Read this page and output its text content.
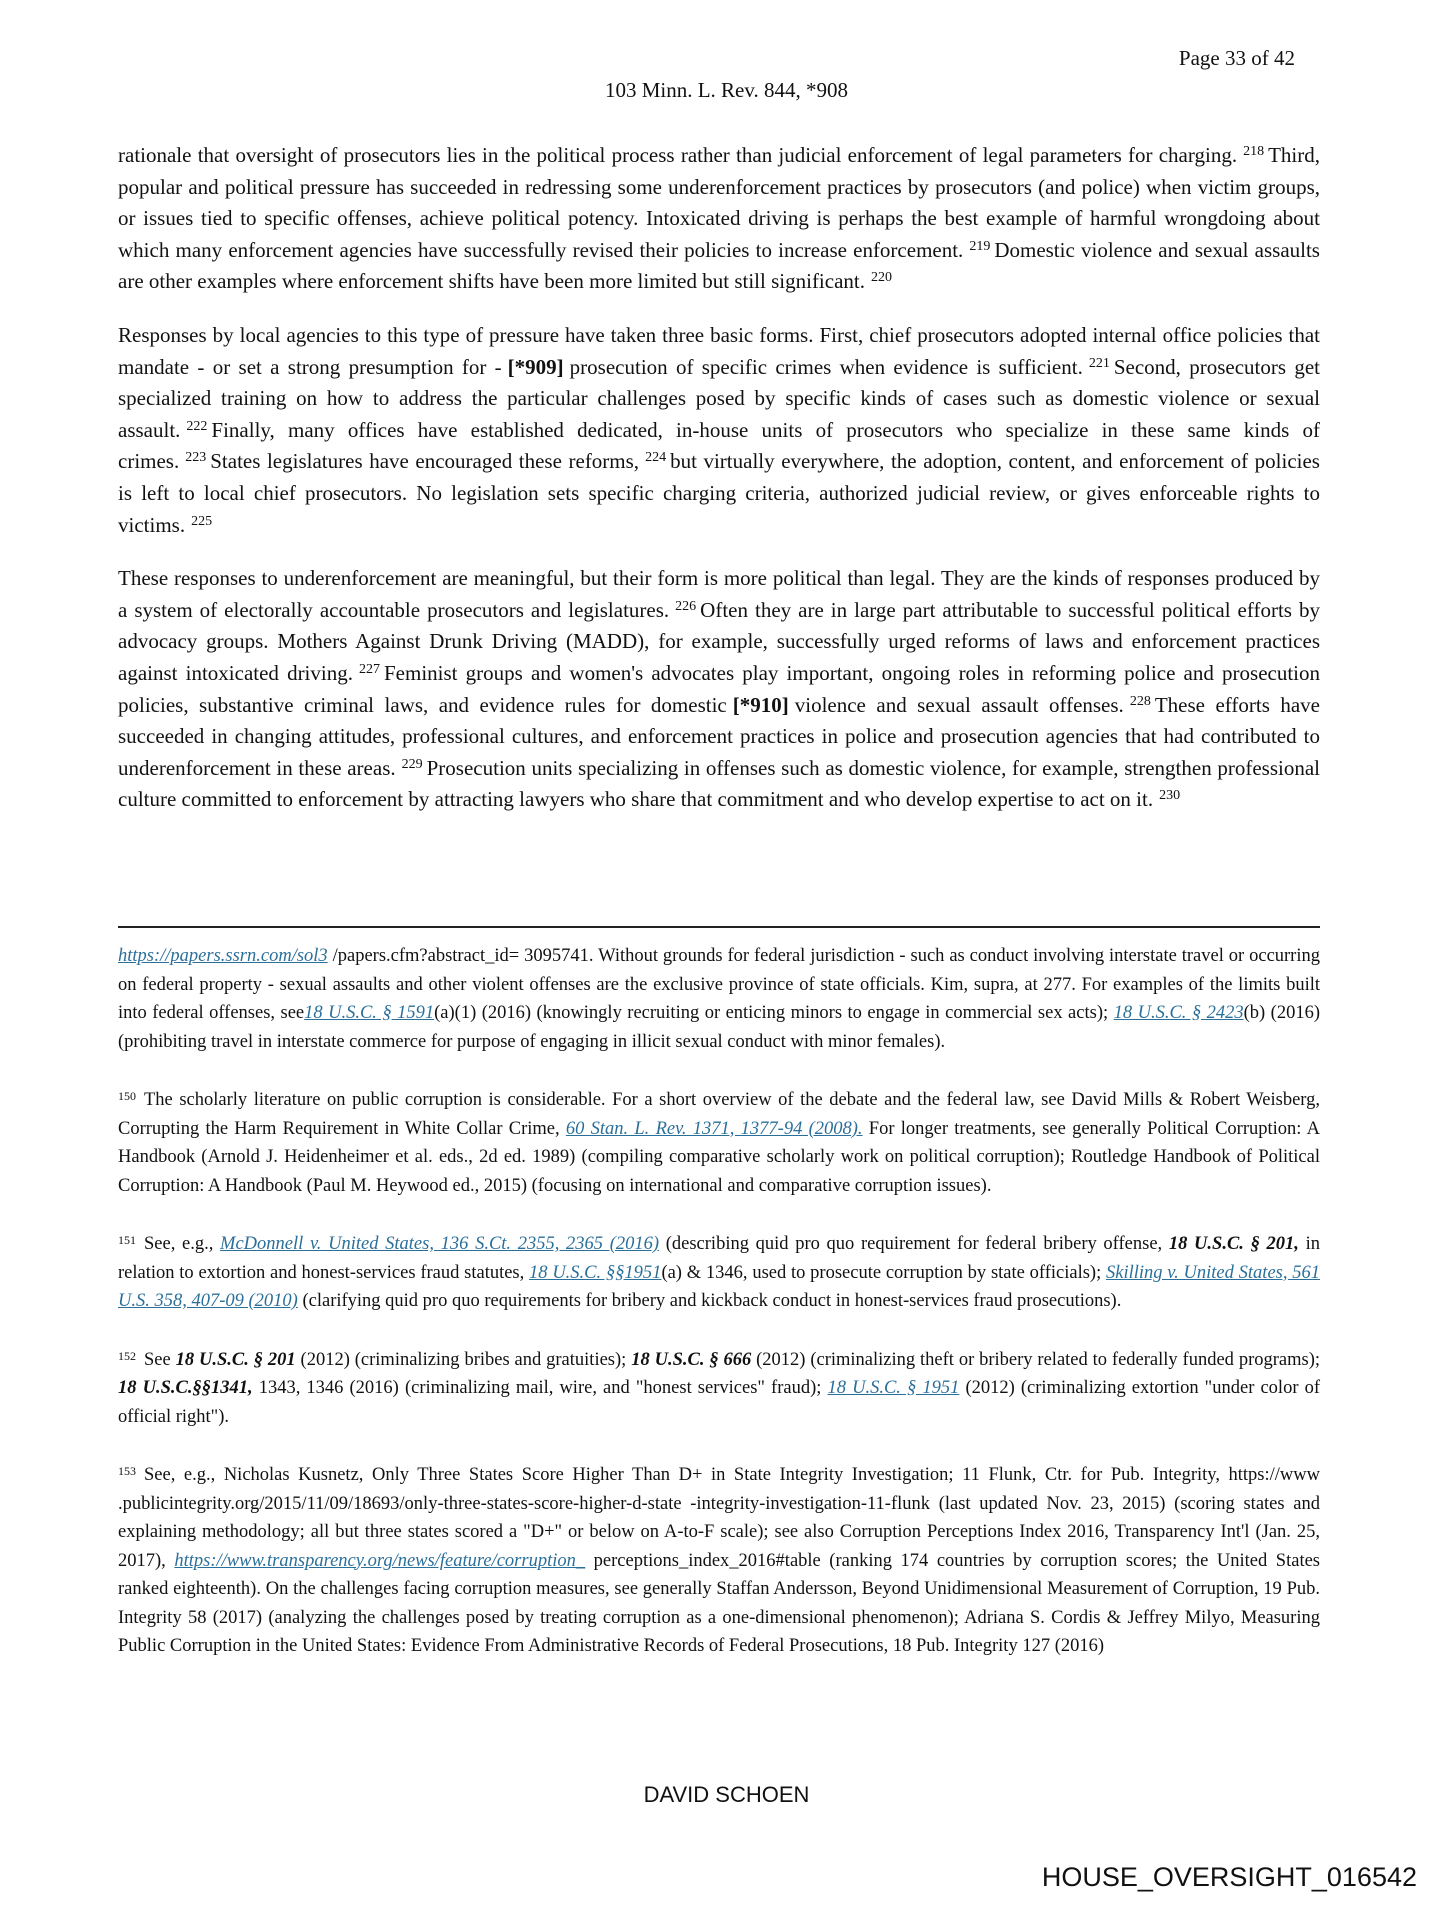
Page 33 of 42
103 Minn. L. Rev. 844, *908

rationale that oversight of prosecutors lies in the political process rather than judicial enforcement of legal parameters for charging. $^{218}$ Third, popular and political pressure has succeeded in redressing some underenforcement practices by prosecutors (and police) when victim groups, or issues tied to specific offenses, achieve political potency. Intoxicated driving is perhaps the best example of harmful wrongdoing about which many enforcement agencies have successfully revised their policies to increase enforcement. $^{219}$ Domestic violence and sexual assaults are other examples where enforcement shifts have been more limited but still significant. $^{220}$

Responses by local agencies to this type of pressure have taken three basic forms. First, chief prosecutors adopted internal office policies that mandate - or set a strong presumption for - [*909] prosecution of specific crimes when evidence is sufficient. $^{221}$ Second, prosecutors get specialized training on how to address the particular challenges posed by specific kinds of cases such as domestic violence or sexual assault. $^{222}$ Finally, many offices have established dedicated, in-house units of prosecutors who specialize in these same kinds of crimes. $^{223}$ States legislatures have encouraged these reforms, $^{224}$ but virtually everywhere, the adoption, content, and enforcement of policies is left to local chief prosecutors. No legislation sets specific charging criteria, authorized judicial review, or gives enforceable rights to victims. $^{225}$

These responses to underenforcement are meaningful, but their form is more political than legal. They are the kinds of responses produced by a system of electorally accountable prosecutors and legislatures. $^{226}$ Often they are in large part attributable to successful political efforts by advocacy groups. Mothers Against Drunk Driving (MADD), for example, successfully urged reforms of laws and enforcement practices against intoxicated driving. $^{227}$ Feminist groups and women's advocates play important, ongoing roles in reforming police and prosecution policies, substantive criminal laws, and evidence rules for domestic [*910] violence and sexual assault offenses. $^{228}$ These efforts have succeeded in changing attitudes, professional cultures, and enforcement practices in police and prosecution agencies that had contributed to underenforcement in these areas. $^{229}$ Prosecution units specializing in offenses such as domestic violence, for example, strengthen professional culture committed to enforcement by attracting lawyers who share that commitment and who develop expertise to act on it. $^{230}$

https://papers.ssrn.com/sol3 /papers.cfm?abstract_id= 3095741. Without grounds for federal jurisdiction - such as conduct involving interstate travel or occurring on federal property - sexual assaults and other violent offenses are the exclusive province of state officials. Kim, supra, at 277. For examples of the limits built into federal offenses, see18 U.S.C. § 1591(a)(1) (2016) (knowingly recruiting or enticing minors to engage in commercial sex acts); 18 U.S.C. § 2423(b) (2016) (prohibiting travel in interstate commerce for purpose of engaging in illicit sexual conduct with minor females).
$^{150}$ The scholarly literature on public corruption is considerable. For a short overview of the debate and the federal law, see David Mills & Robert Weisberg, Corrupting the Harm Requirement in White Collar Crime, 60 Stan. L. Rev. 1371, 1377-94 (2008). For longer treatments, see generally Political Corruption: A Handbook (Arnold J. Heidenheimer et al. eds., 2d ed. 1989) (compiling comparative scholarly work on political corruption); Routledge Handbook of Political Corruption: A Handbook (Paul M. Heywood ed., 2015) (focusing on international and comparative corruption issues).
$^{151}$ See, e.g., McDonnell v. United States, 136 S.Ct. 2355, 2365 (2016) (describing quid pro quo requirement for federal bribery offense, 18 U.S.C. § 201, in relation to extortion and honest-services fraud statutes, 18 U.S.C. §§1951(a) & 1346, used to prosecute corruption by state officials); Skilling v. United States, 561 U.S. 358, 407-09 (2010) (clarifying quid pro quo requirements for bribery and kickback conduct in honest-services fraud prosecutions).
$^{152}$ See 18 U.S.C. § 201 (2012) (criminalizing bribes and gratuities); 18 U.S.C. § 666 (2012) (criminalizing theft or bribery related to federally funded programs); 18 U.S.C.§§1341, 1343, 1346 (2016) (criminalizing mail, wire, and "honest services" fraud); 18 U.S.C. § 1951 (2012) (criminalizing extortion "under color of official right").
$^{153}$ See, e.g., Nicholas Kusnetz, Only Three States Score Higher Than D+ in State Integrity Investigation; 11 Flunk, Ctr. for Pub. Integrity, https://www .publicintegrity.org/2015/11/09/18693/only-three-states-score-higher-d-state -integrity-investigation-11-flunk (last updated Nov. 23, 2015) (scoring states and explaining methodology; all but three states scored a "D+" or below on A-to-F scale); see also Corruption Perceptions Index 2016, Transparency Int'l (Jan. 25, 2017), https://www.transparency.org/news/feature/corruption_ perceptions_index_2016#table (ranking 174 countries by corruption scores; the United States ranked eighteenth). On the challenges facing corruption measures, see generally Staffan Andersson, Beyond Unidimensional Measurement of Corruption, 19 Pub. Integrity 58 (2017) (analyzing the challenges posed by treating corruption as a one-dimensional phenomenon); Adriana S. Cordis & Jeffrey Milyo, Measuring Public Corruption in the United States: Evidence From Administrative Records of Federal Prosecutions, 18 Pub. Integrity 127 (2016)
DAVID SCHOEN
HOUSE_OVERSIGHT_016542
